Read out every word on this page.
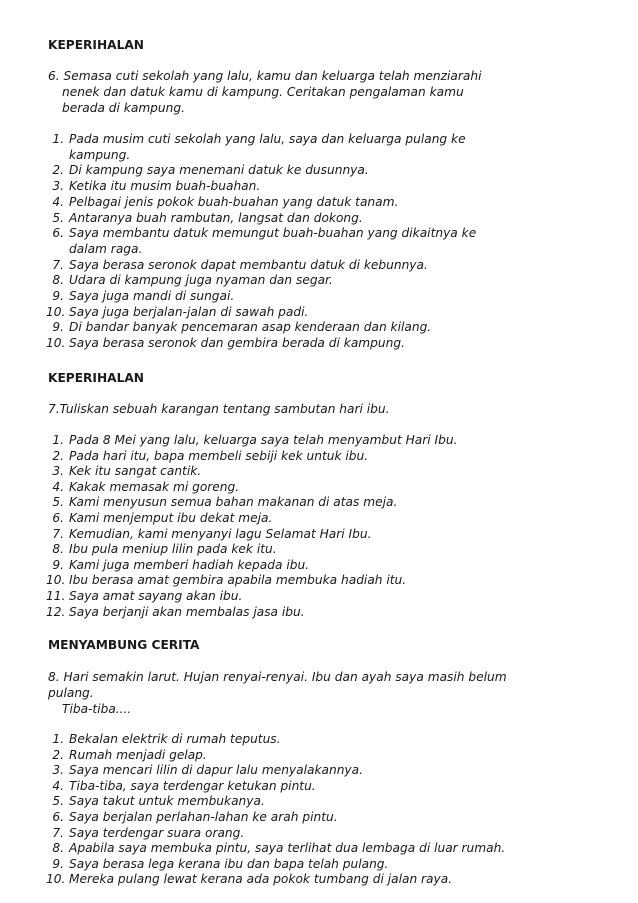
KEPERIHALAN
6. Semasa cuti sekolah yang lalu, kamu dan keluarga telah menziarahi
nenek dan datuk kamu di kampung. Ceritakan pengalaman kamu
berada di kampung.
1. Pada musim cuti sekolah yang lalu, saya dan keluarga pulang ke
kampung.
2. Di kampung saya menemani datuk ke dusunnya.
3. Ketika itu musim buah-buahan.
4. Pelbagai jenis pokok buah-buahan yang datuk tanam.
5. Antaranya buah rambutan, langsat dan dokong.
6. Saya membantu datuk memungut buah-buahan yang dikaitnya ke
dalam raga.
7. Saya berasa seronok dapat membantu datuk di kebunnya.
8. Udara di kampung juga nyaman dan segar.
9. Saya juga mandi di sungai.
10. Saya juga berjalan-jalan di sawah padi.
9. Di bandar banyak pencemaran asap kenderaan dan kilang.
10. Saya berasa seronok dan gembira berada di kampung.
KEPERIHALAN
7.Tuliskan sebuah karangan tentang sambutan hari ibu.
1. Pada 8 Mei yang lalu, keluarga saya telah menyambut Hari Ibu.
2. Pada hari itu, bapa membeli sebiji kek untuk ibu.
3. Kek itu sangat cantik.
4. Kakak memasak mi goreng.
5. Kami menyusun semua bahan makanan di atas meja.
6. Kami menjemput ibu dekat meja.
7. Kemudian, kami menyanyi lagu Selamat Hari Ibu.
8. Ibu pula meniup lilin pada kek itu.
9. Kami juga memberi hadiah kepada ibu.
10. Ibu berasa amat gembira apabila membuka hadiah itu.
11. Saya amat sayang akan ibu.
12. Saya berjanji akan membalas jasa ibu.
MENYAMBUNG CERITA
8. Hari semakin larut. Hujan renyai-renyai. Ibu dan ayah saya masih belum
pulang.
Tiba-tiba....
1. Bekalan elektrik di rumah teputus.
2. Rumah menjadi gelap.
3. Saya mencari lilin di dapur lalu menyalakannya.
4. Tiba-tiba, saya terdengar ketukan pintu.
5. Saya takut untuk membukanya.
6. Saya berjalan perlahan-lahan ke arah pintu.
7. Saya terdengar suara orang.
8. Apabila saya membuka pintu, saya terlihat dua lembaga di luar rumah.
9. Saya berasa lega kerana ibu dan bapa telah pulang.
10. Mereka pulang lewat kerana ada pokok tumbang di jalan raya.
